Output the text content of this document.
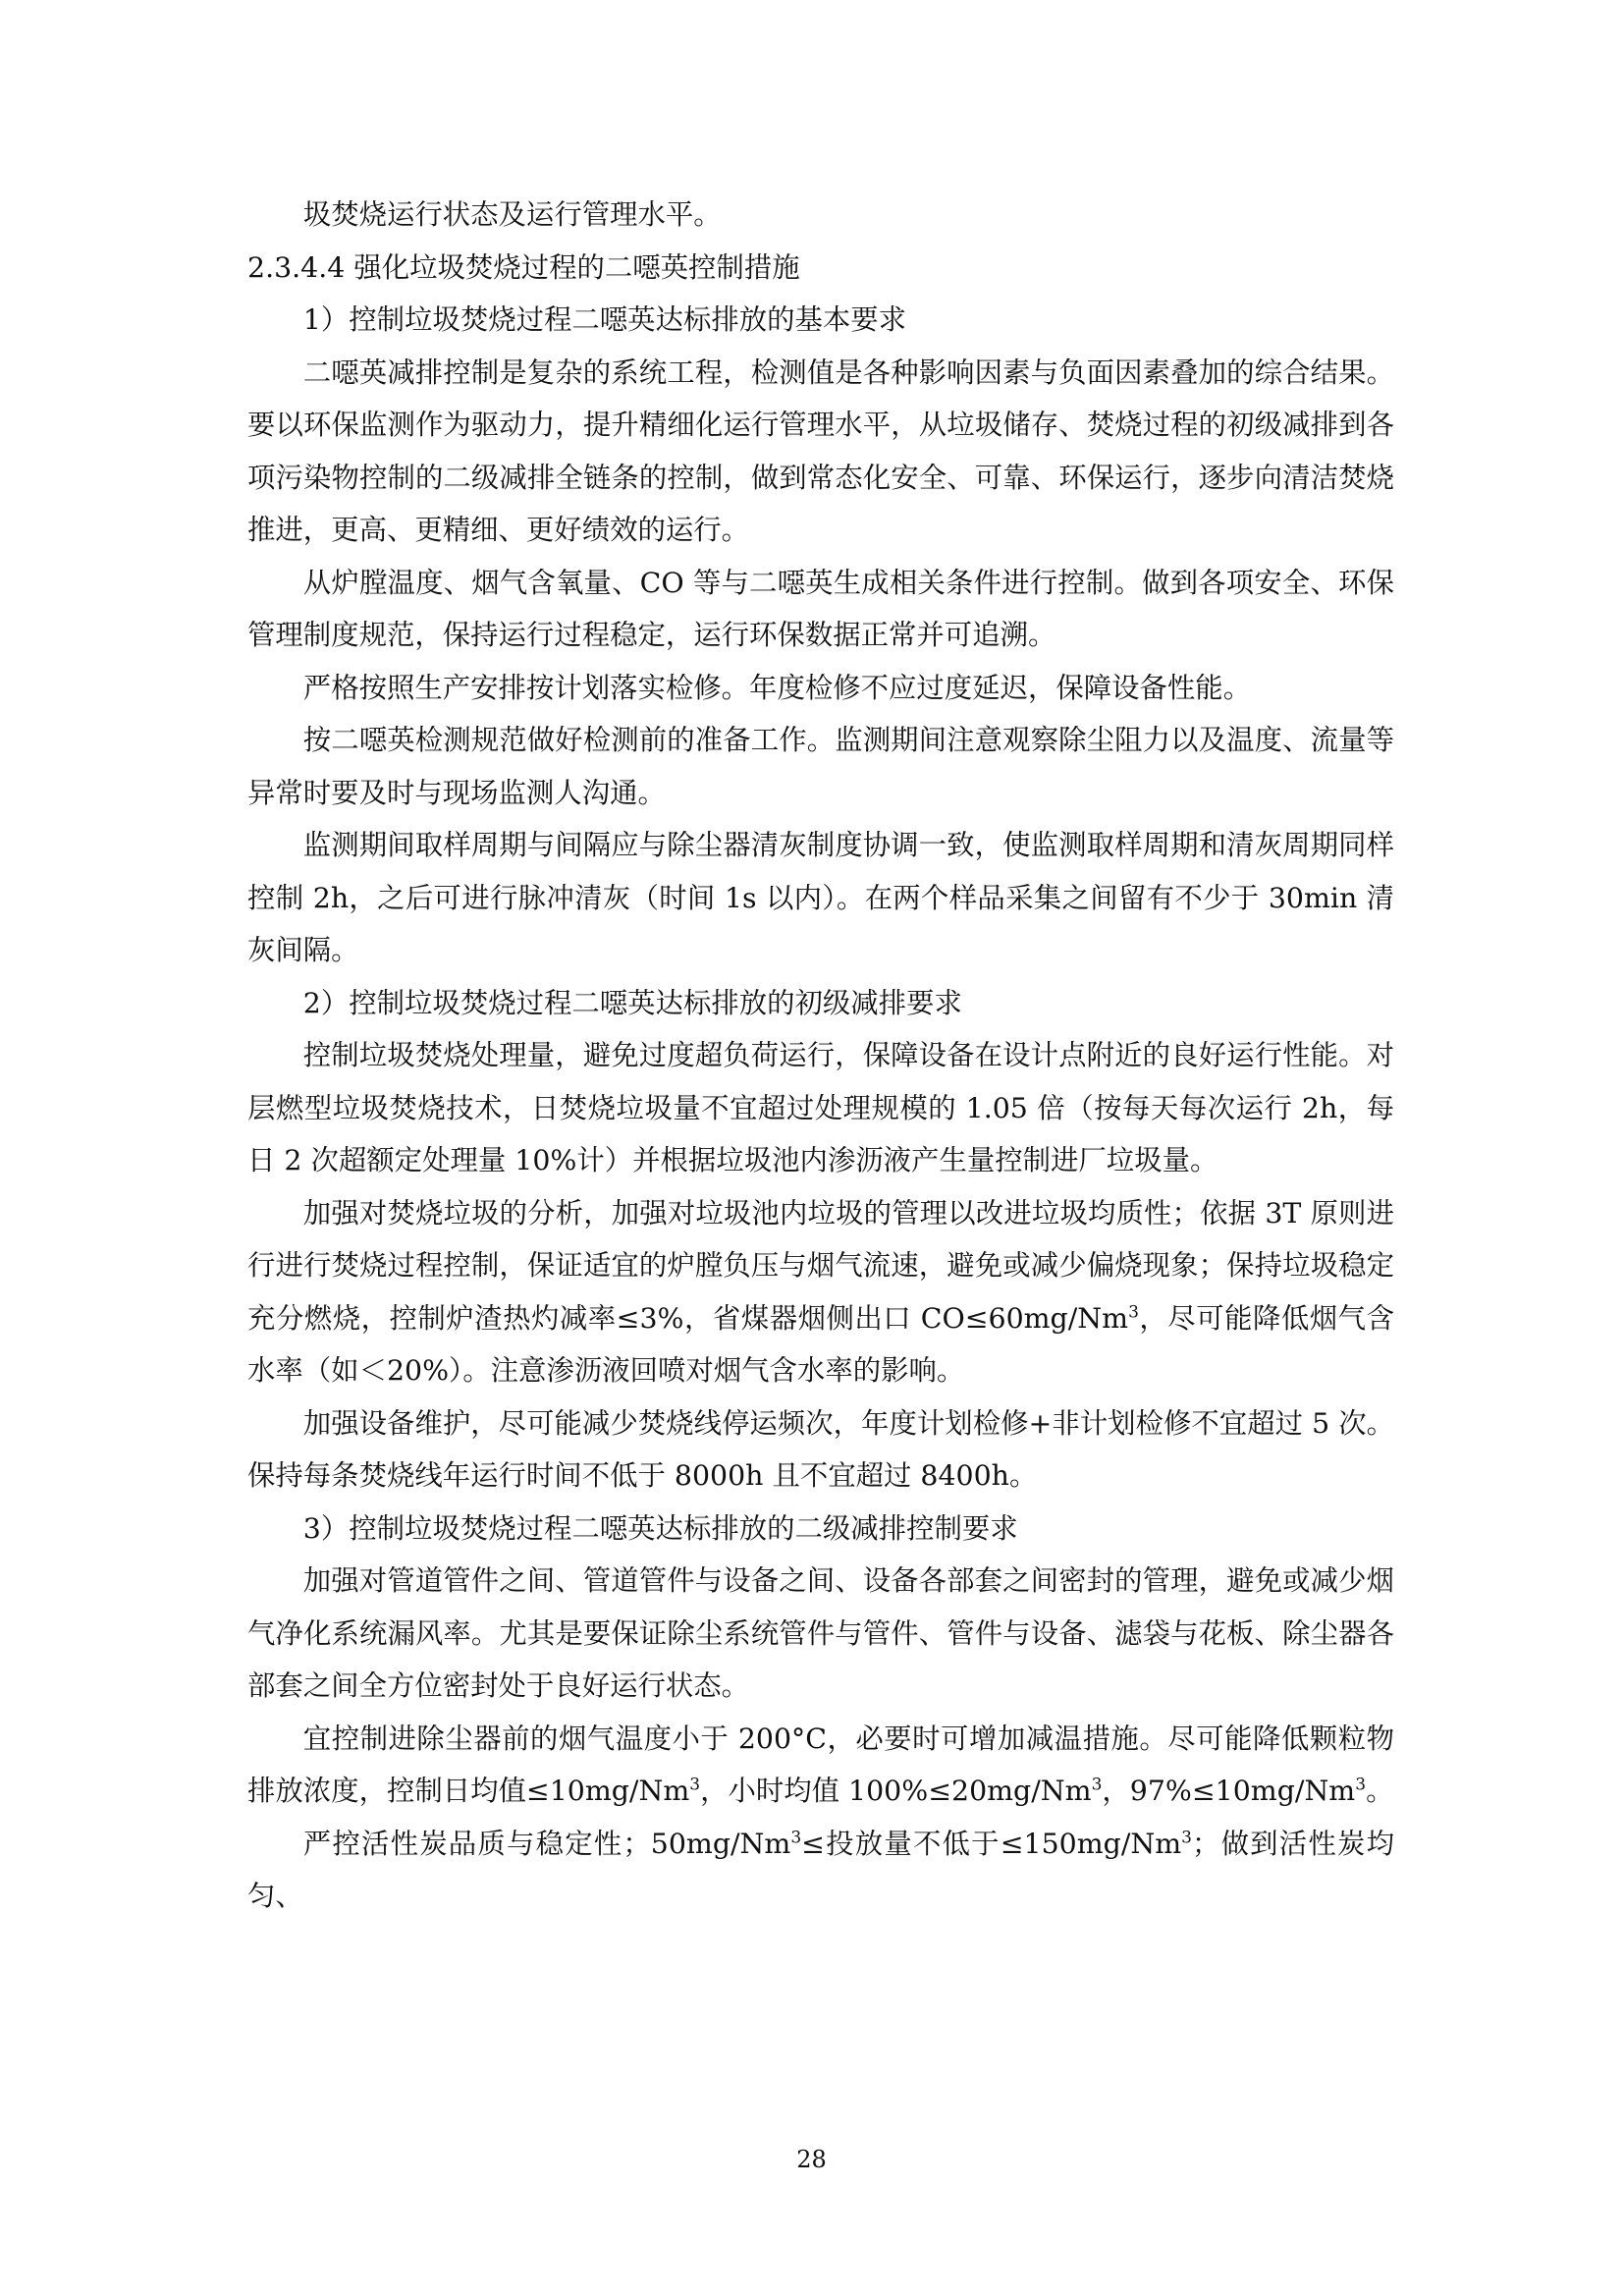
圾焚烧运行状态及运行管理水平。

2.3.4.4 强化垃圾焚烧过程的二噁英控制措施

1）控制垃圾焚烧过程二噁英达标排放的基本要求

二噁英减排控制是复杂的系统工程，检测值是各种影响因素与负面因素叠加的综合结果。要以环保监测作为驱动力，提升精细化运行管理水平，从垃圾储存、焚烧过程的初级减排到各项污染物控制的二级减排全链条的控制，做到常态化安全、可靠、环保运行，逐步向清洁焚烧推进，更高、更精细、更好绩效的运行。

从炉膛温度、烟气含氧量、CO 等与二噁英生成相关条件进行控制。做到各项安全、环保管理制度规范，保持运行过程稳定，运行环保数据正常并可追溯。

严格按照生产安排按计划落实检修。年度检修不应过度延迟，保障设备性能。

按二噁英检测规范做好检测前的准备工作。监测期间注意观察除尘阻力以及温度、流量等异常时要及时与现场监测人沟通。

监测期间取样周期与间隔应与除尘器清灰制度协调一致，使监测取样周期和清灰周期同样控制 2h，之后可进行脉冲清灰（时间 1s 以内）。在两个样品采集之间留有不少于 30min 清灰间隔。

2）控制垃圾焚烧过程二噁英达标排放的初级减排要求

控制垃圾焚烧处理量，避免过度超负荷运行，保障设备在设计点附近的良好运行性能。对层燃型垃圾焚烧技术，日焚烧垃圾量不宜超过处理规模的 1.05 倍（按每天每次运行 2h，每日 2 次超额定处理量 10%计）并根据垃圾池内渗沥液产生量控制进厂垃圾量。

加强对焚烧垃圾的分析，加强对垃圾池内垃圾的管理以改进垃圾均质性；依据 3T 原则进行进行焚烧过程控制，保证适宜的炉膛负压与烟气流速，避免或减少偏烧现象；保持垃圾稳定充分燃烧，控制炉渣热灼减率≤3%，省煤器烟侧出口 $CO\le 60mg/Nm^3$，尽可能降低烟气含水率（如＜20%）。注意渗沥液回喷对烟气含水率的影响。

加强设备维护，尽可能减少焚烧线停运频次，年度计划检修+非计划检修不宜超过 5 次。保持每条焚烧线年运行时间不低于 8000h 且不宜超过 8400h。

3）控制垃圾焚烧过程二噁英达标排放的二级减排控制要求

加强对管道管件之间、管道管件与设备之间、设备各部套之间密封的管理，避免或减少烟气净化系统漏风率。尤其是要保证除尘系统管件与管件、管件与设备、滤袋与花板、除尘器各部套之间全方位密封处于良好运行状态。

宜控制进除尘器前的烟气温度小于 200°C，必要时可增加减温措施。尽可能降低颗粒物排放浓度，控制日均值$\le 10mg/Nm^3$，小时均值 $100\%\le 20mg/Nm^3$，$97\%\le 10mg/Nm^3$。

严控活性炭品质与稳定性；$50mg/Nm^3\le$投放量不低于$\le 150mg/Nm^3$；做到活性炭均匀、

28
